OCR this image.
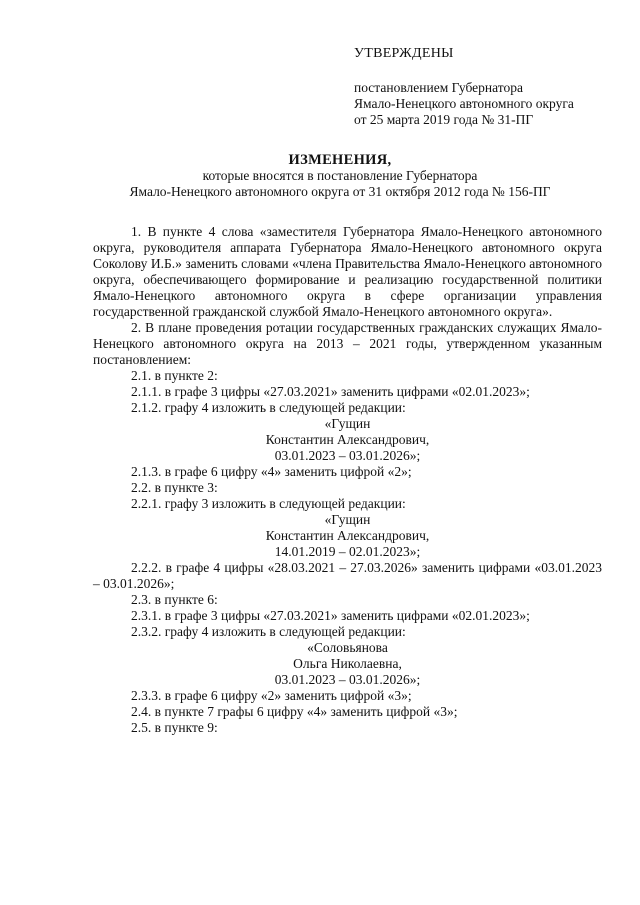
УТВЕРЖДЕНЫ
постановлением Губернатора
Ямало-Ненецкого автономного округа
от 25 марта 2019 года № 31-ПГ
ИЗМЕНЕНИЯ,
которые вносятся в постановление Губернатора
Ямало-Ненецкого автономного округа от 31 октября 2012 года № 156-ПГ

1. В пункте 4 слова «заместителя Губернатора Ямало-Ненецкого автономного округа, руководителя аппарата Губернатора Ямало-Ненецкого автономного округа Соколову И.Б.» заменить словами «члена Правительства Ямало-Ненецкого автономного округа, обеспечивающего формирование и реализацию государственной политики Ямало-Ненецкого автономного округа в сфере организации управления государственной гражданской службой Ямало-Ненецкого автономного округа».

2. В плане проведения ротации государственных гражданских служащих Ямало-Ненецкого автономного округа на 2013 – 2021 годы, утвержденном указанным постановлением:

2.1. в пункте 2:

2.1.1. в графе 3 цифры «27.03.2021» заменить цифрами «02.01.2023»;

2.1.2. графу 4 изложить в следующей редакции:

«Гущин

Константин Александрович,

03.01.2023 – 03.01.2026»;

2.1.3. в графе 6 цифру «4» заменить цифрой «2»;

2.2. в пункте 3:

2.2.1. графу 3 изложить в следующей редакции:

«Гущин

Константин Александрович,

14.01.2019 – 02.01.2023»;

2.2.2. в графе 4 цифры «28.03.2021 – 27.03.2026» заменить цифрами «03.01.2023 – 03.01.2026»;

2.3. в пункте 6:

2.3.1. в графе 3 цифры «27.03.2021» заменить цифрами «02.01.2023»;

2.3.2. графу 4 изложить в следующей редакции:

«Соловьянова

Ольга Николаевна,

03.01.2023 – 03.01.2026»;

2.3.3. в графе 6 цифру «2» заменить цифрой «3»;

2.4. в пункте 7 графы 6 цифру «4» заменить цифрой «3»;

2.5. в пункте 9:
